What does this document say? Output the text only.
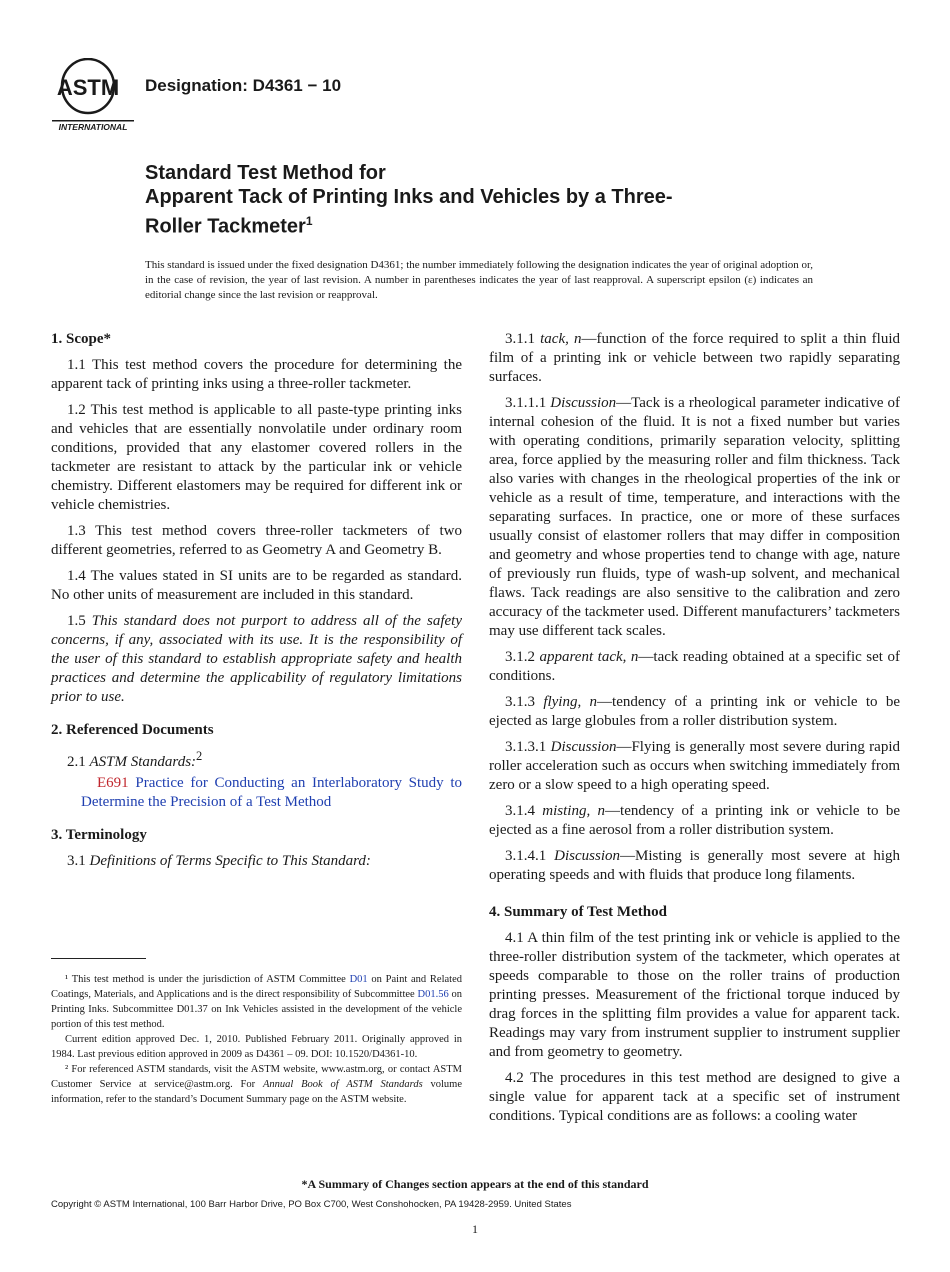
ASTM
INTERNATIONAL
Designation: D4361 − 10
Standard Test Method for
Apparent Tack of Printing Inks and Vehicles by a Three-
Roller Tackmeter$^1$
This standard is issued under the fixed designation D4361; the number immediately following the designation indicates the year of original adoption or, in the case of revision, the year of last revision. A number in parentheses indicates the year of last reapproval. A superscript epsilon (ε) indicates an editorial change since the last revision or reapproval.
1. Scope*

1.1 This test method covers the procedure for determining the apparent tack of printing inks using a three-roller tackmeter.

1.2 This test method is applicable to all paste-type printing inks and vehicles that are essentially nonvolatile under ordinary room conditions, provided that any elastomer covered rollers in the tackmeter are resistant to attack by the particular ink or vehicle chemistry. Different elastomers may be required for different ink or vehicle chemistries.

1.3 This test method covers three-roller tackmeters of two different geometries, referred to as Geometry A and Geometry B.

1.4 The values stated in SI units are to be regarded as standard. No other units of measurement are included in this standard.

1.5 This standard does not purport to address all of the safety concerns, if any, associated with its use. It is the responsibility of the user of this standard to establish appropriate safety and health practices and determine the applicability of regulatory limitations prior to use.

2. Referenced Documents

2.1 ASTM Standards:$^2$

E691 Practice for Conducting an Interlaboratory Study to Determine the Precision of a Test Method

3. Terminology

3.1 Definitions of Terms Specific to This Standard:

3.1.1 tack, n—function of the force required to split a thin fluid film of a printing ink or vehicle between two rapidly separating surfaces.

3.1.1.1 Discussion—Tack is a rheological parameter indicative of internal cohesion of the fluid. It is not a fixed number but varies with operating conditions, primarily separation velocity, splitting area, force applied by the measuring roller and film thickness. Tack also varies with changes in the rheological properties of the ink or vehicle as a result of time, temperature, and interactions with the separating surfaces. In practice, one or more of these surfaces usually consist of elastomer rollers that may differ in composition and geometry and whose properties tend to change with age, nature of previously run fluids, type of wash-up solvent, and mechanical flaws. Tack readings are also sensitive to the calibration and zero accuracy of the tackmeter used. Different manufacturers’ tackmeters may use different tack scales.

3.1.2 apparent tack, n—tack reading obtained at a specific set of conditions.

3.1.3 flying, n—tendency of a printing ink or vehicle to be ejected as large globules from a roller distribution system.

3.1.3.1 Discussion—Flying is generally most severe during rapid roller acceleration such as occurs when switching immediately from zero or a slow speed to a high operating speed.

3.1.4 misting, n—tendency of a printing ink or vehicle to be ejected as a fine aerosol from a roller distribution system.

3.1.4.1 Discussion—Misting is generally most severe at high operating speeds and with fluids that produce long filaments.

4. Summary of Test Method

4.1 A thin film of the test printing ink or vehicle is applied to the three-roller distribution system of the tackmeter, which operates at speeds comparable to those on the roller trains of production printing presses. Measurement of the frictional torque induced by drag forces in the splitting film provides a value for apparent tack. Readings may vary from instrument supplier to instrument supplier and from geometry to geometry.

4.2 The procedures in this test method are designed to give a single value for apparent tack at a specific set of instrument conditions. Typical conditions are as follows: a cooling water

¹ This test method is under the jurisdiction of ASTM Committee D01 on Paint and Related Coatings, Materials, and Applications and is the direct responsibility of Subcommittee D01.56 on Printing Inks. Subcommittee D01.37 on Ink Vehicles assisted in the development of the vehicle portion of this test method.

Current edition approved Dec. 1, 2010. Published February 2011. Originally approved in 1984. Last previous edition approved in 2009 as D4361 – 09. DOI: 10.1520/D4361-10.

² For referenced ASTM standards, visit the ASTM website, www.astm.org, or contact ASTM Customer Service at service@astm.org. For Annual Book of ASTM Standards volume information, refer to the standard’s Document Summary page on the ASTM website.

*A Summary of Changes section appears at the end of this standard
Copyright © ASTM International, 100 Barr Harbor Drive, PO Box C700, West Conshohocken, PA 19428-2959. United States
1
